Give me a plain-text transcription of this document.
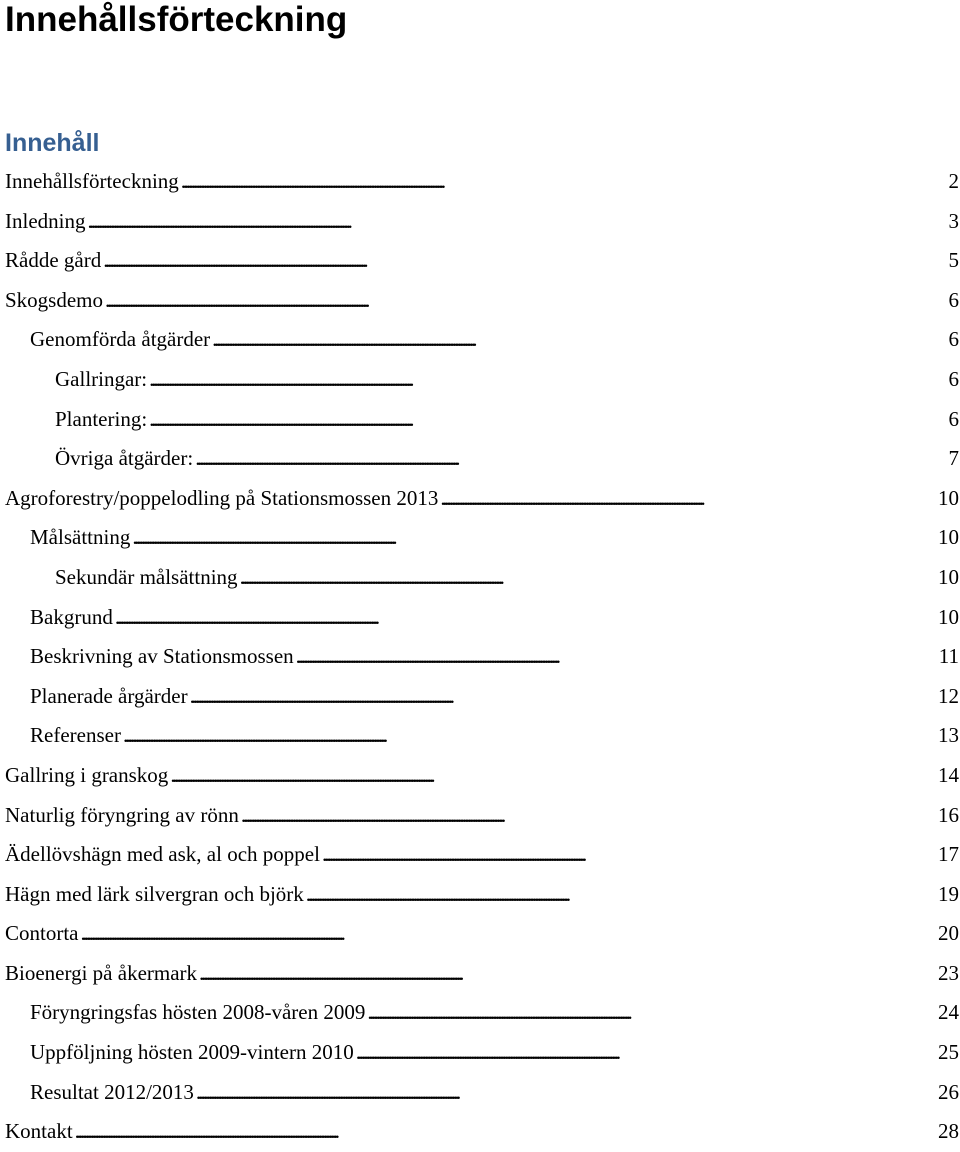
Innehållsförteckning
Innehåll
Innehållsförteckning . . .	2
Inledning . . .	3
Rådde gård . . .	5
Skogsdemo . . .	6
Genomförda åtgärder . . .	6
Gallringar: . . .	6
Plantering: . . .	6
Övriga åtgärder: . . .	7
Agroforestry/poppelodling på Stationsmossen 2013 . . .	10
Målsättning . . .	10
Sekundär målsättning . . .	10
Bakgrund . . .	10
Beskrivning av Stationsmossen . . .	11
Planerade årgärder . . .	12
Referenser . . .	13
Gallring i granskog . . .	14
Naturlig föryngring av rönn . . .	16
Ädellövshägn med ask, al och poppel . . .	17
Hägn med lärk silvergran och björk . . .	19
Contorta . . .	20
Bioenergi på åkermark . . .	23
Föryngringsfas hösten 2008-våren 2009 . . .	24
Uppföljning hösten 2009-vintern 2010 . . .	25
Resultat 2012/2013 . . .	26
Kontakt . . .	28
